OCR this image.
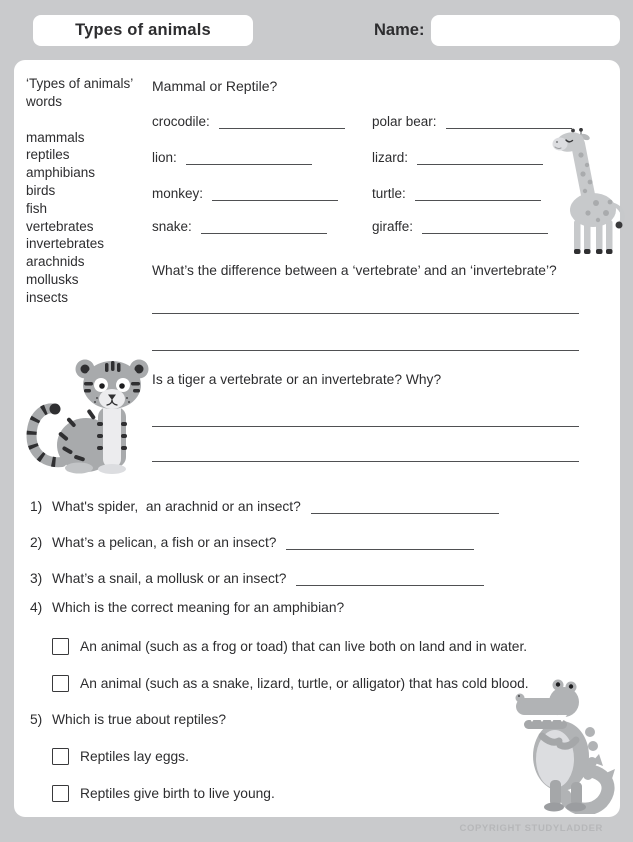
Types of animals	Name:
‘Types of animals’ words
mammals
reptiles
amphibians
birds
fish
vertebrates
invertebrates
arachnids
mollusks
insects
Mammal or Reptile?
crocodile:	polar bear:
lion:	lizard:
monkey:	turtle:
snake:	giraffe:
What’s the difference between a ‘vertebrate’ and an ‘invertebrate’?
Is a tiger a vertebrate or an invertebrate? Why?
1) What's spider,  an arachnid or an insect?
2) What’s a pelican, a fish or an insect?
3) What’s a snail, a mollusk or an insect?
4) Which is the correct meaning for an amphibian?
An animal (such as a frog or toad) that can live both on land and in water.
An animal (such as a snake, lizard, turtle, or alligator) that has cold blood.
5) Which is true about reptiles?
Reptiles lay eggs.
Reptiles give birth to live young.
COPYRIGHT STUDYLADDER
